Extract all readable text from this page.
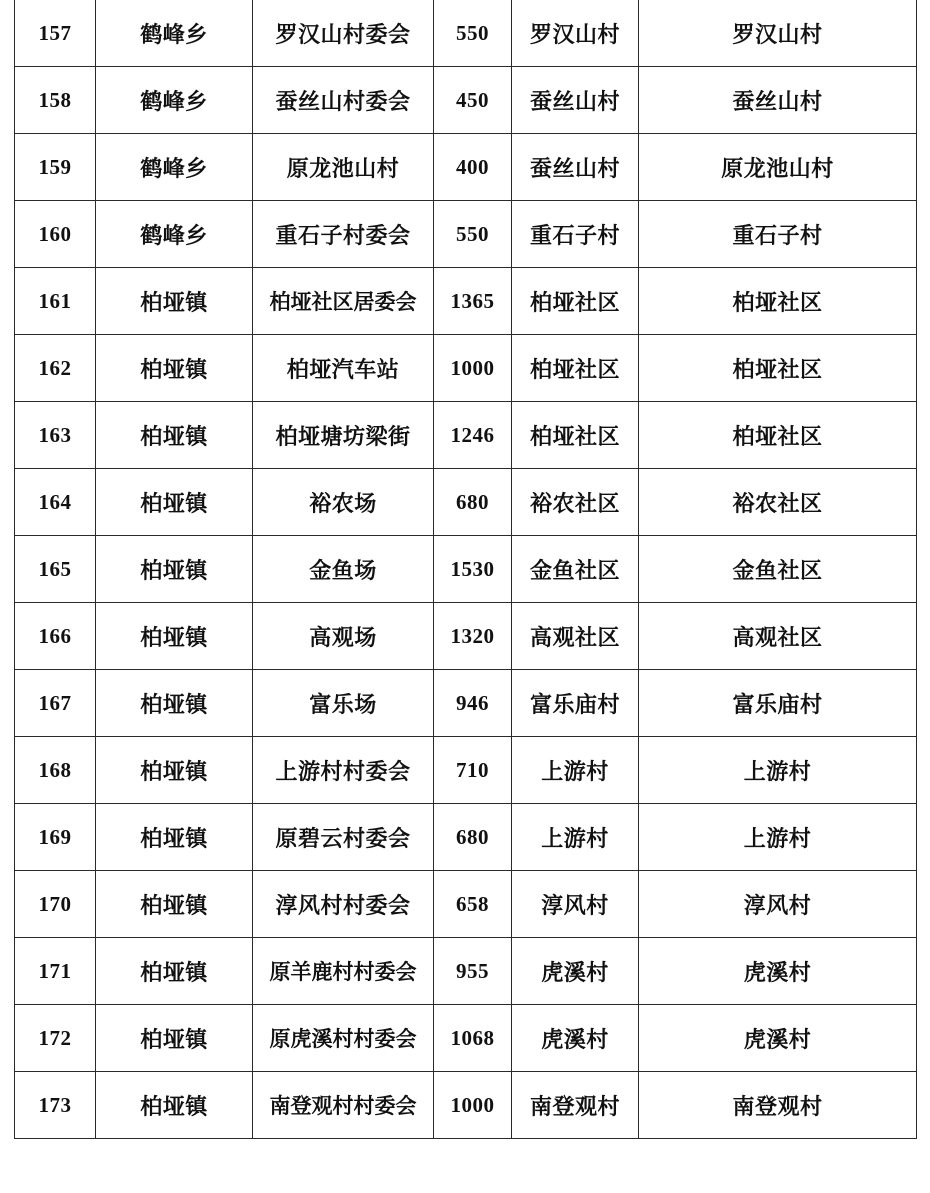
157	鹤峰乡	罗汉山村委会	550	罗汉山村	罗汉山村
158	鹤峰乡	蚕丝山村委会	450	蚕丝山村	蚕丝山村
159	鹤峰乡	原龙池山村	400	蚕丝山村	原龙池山村
160	鹤峰乡	重石子村委会	550	重石子村	重石子村
161	柏垭镇	柏垭社区居委会	1365	柏垭社区	柏垭社区
162	柏垭镇	柏垭汽车站	1000	柏垭社区	柏垭社区
163	柏垭镇	柏垭塘坊梁街	1246	柏垭社区	柏垭社区
164	柏垭镇	裕农场	680	裕农社区	裕农社区
165	柏垭镇	金鱼场	1530	金鱼社区	金鱼社区
166	柏垭镇	高观场	1320	高观社区	高观社区
167	柏垭镇	富乐场	946	富乐庙村	富乐庙村
168	柏垭镇	上游村村委会	710	上游村	上游村
169	柏垭镇	原碧云村委会	680	上游村	上游村
170	柏垭镇	淳风村村委会	658	淳风村	淳风村
171	柏垭镇	原羊鹿村村委会	955	虎溪村	虎溪村
172	柏垭镇	原虎溪村村委会	1068	虎溪村	虎溪村
173	柏垭镇	南登观村村委会	1000	南登观村	南登观村
